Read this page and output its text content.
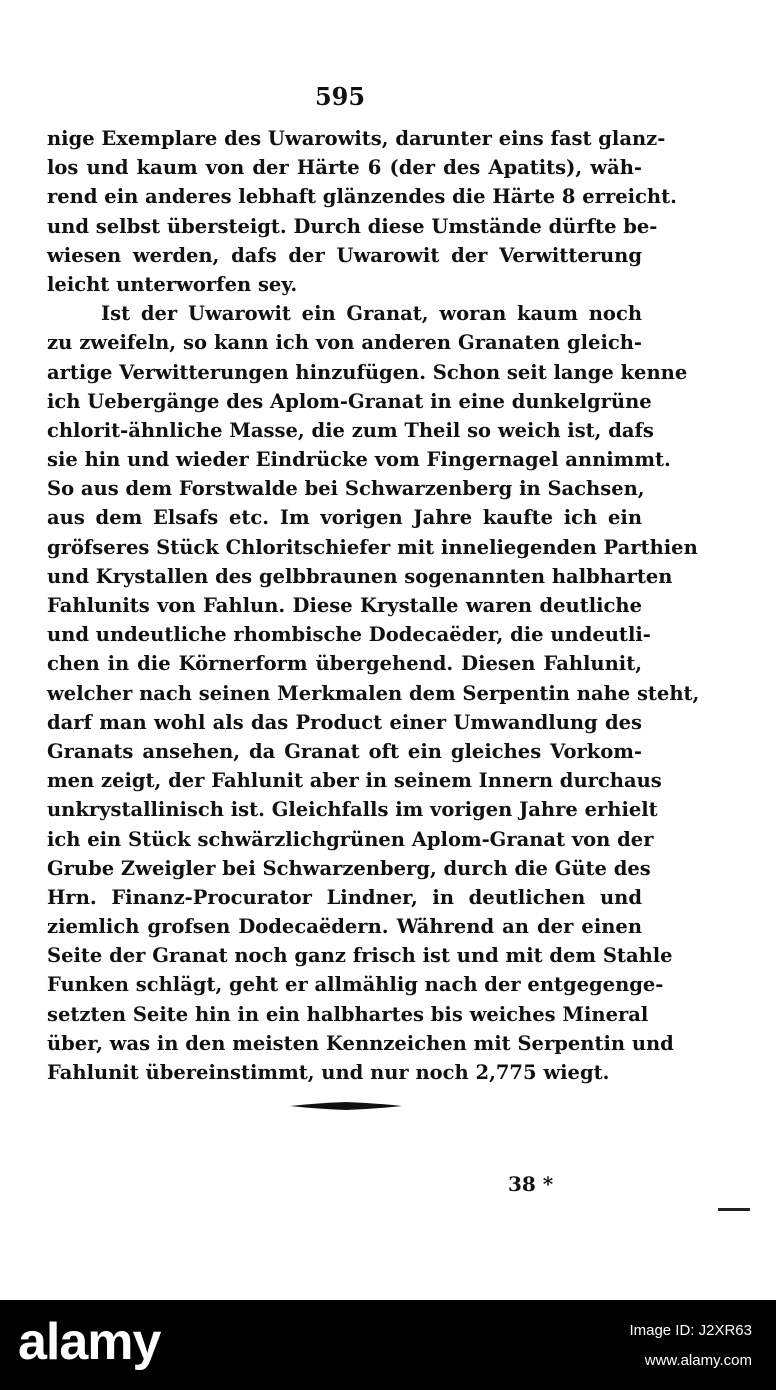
595
nige Exemplare des Uwarowits, darunter eins fast glanz-
los und kaum von der Härte 6 (der des Apatits), wäh-
rend ein anderes lebhaft glänzendes die Härte 8 erreicht.
und selbst übersteigt. Durch diese Umstände dürfte be-
wiesen werden, dafs der Uwarowit der Verwitterung
leicht unterworfen sey.
Ist der Uwarowit ein Granat, woran kaum noch
zu zweifeln, so kann ich von anderen Granaten gleich-
artige Verwitterungen hinzufügen. Schon seit lange kenne
ich Uebergänge des Aplom-Granat in eine dunkelgrüne
chlorit-ähnliche Masse, die zum Theil so weich ist, dafs
sie hin und wieder Eindrücke vom Fingernagel annimmt.
So aus dem Forstwalde bei Schwarzenberg in Sachsen,
aus dem Elsafs etc. Im vorigen Jahre kaufte ich ein
gröfseres Stück Chloritschiefer mit inneliegenden Parthien
und Krystallen des gelbbraunen sogenannten halbharten
Fahlunits von Fahlun. Diese Krystalle waren deutliche
und undeutliche rhombische Dodecaëder, die undeutli-
chen in die Körnerform übergehend. Diesen Fahlunit,
welcher nach seinen Merkmalen dem Serpentin nahe steht,
darf man wohl als das Product einer Umwandlung des
Granats ansehen, da Granat oft ein gleiches Vorkom-
men zeigt, der Fahlunit aber in seinem Innern durchaus
unkrystallinisch ist. Gleichfalls im vorigen Jahre erhielt
ich ein Stück schwärzlichgrünen Aplom-Granat von der
Grube Zweigler bei Schwarzenberg, durch die Güte des
Hrn. Finanz-Procurator Lindner, in deutlichen und
ziemlich grofsen Dodecaëdern. Während an der einen
Seite der Granat noch ganz frisch ist und mit dem Stahle
Funken schlägt, geht er allmählig nach der entgegenge-
setzten Seite hin in ein halbhartes bis weiches Mineral
über, was in den meisten Kennzeichen mit Serpentin und
Fahlunit übereinstimmt, und nur noch 2,775 wiegt.
38 *
alamy	Image ID: J2XR63
www.alamy.com
